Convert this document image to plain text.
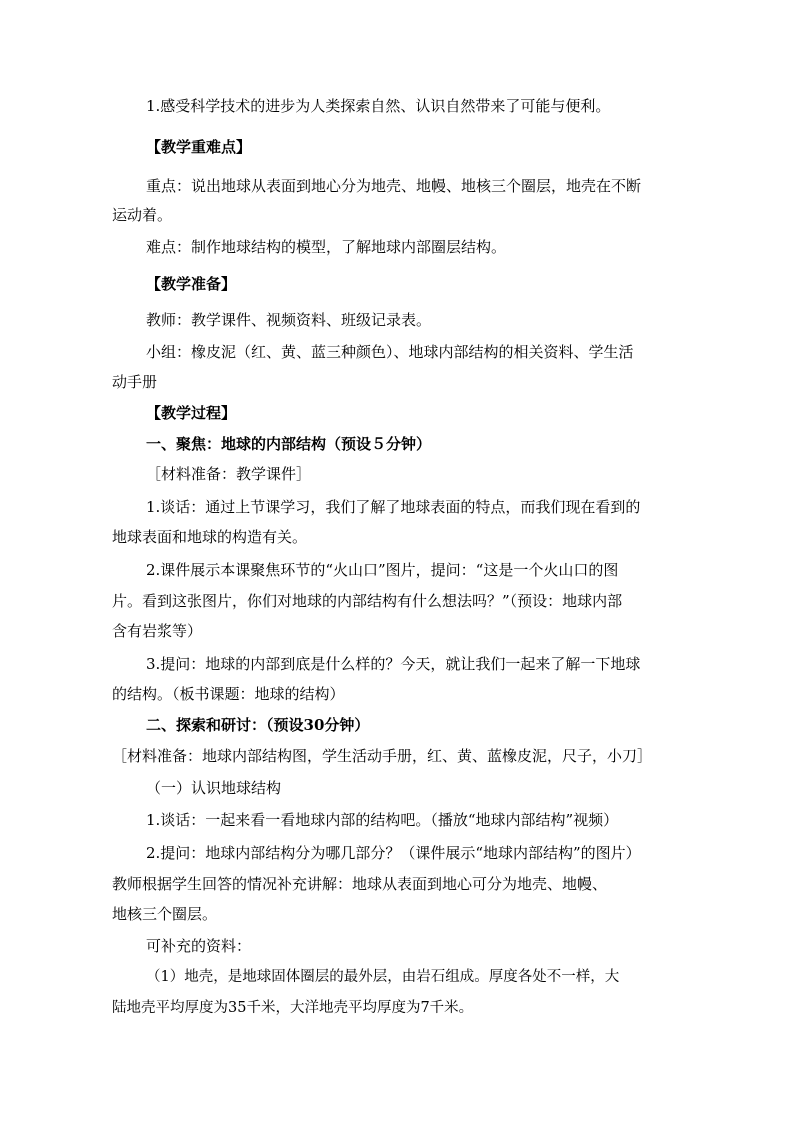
1.感受科学技术的进步为人类探索自然、认识自然带来了可能与便利。
【教学重难点】
重点：说出地球从表面到地心分为地壳、地幔、地核三个圈层，地壳在不断
运动着。
难点：制作地球结构的模型，了解地球内部圈层结构。
【教学准备】
教师：教学课件、视频资料、班级记录表。
小组：橡皮泥（红、黄、蓝三种颜色）、地球内部结构的相关资料、学生活
动手册
【教学过程】
一、聚焦：地球的内部结构（预设５分钟）
［材料准备：教学课件］
1.谈话：通过上节课学习，我们了解了地球表面的特点，而我们现在看到的
地球表面和地球的构造有关。
2.课件展示本课聚焦环节的“火山口”图片，提问：“这是一个火山口的图
片。看到这张图片，你们对地球的内部结构有什么想法吗？”（预设：地球内部
含有岩浆等）
3.提问：地球的内部到底是什么样的？今天，就让我们一起来了解一下地球
的结构。（板书课题：地球的结构）
二、探索和研讨：（预设30分钟）
［材料准备：地球内部结构图，学生活动手册，红、黄、蓝橡皮泥，尺子，小刀］
（一）认识地球结构
1.谈话：一起来看一看地球内部的结构吧。（播放“地球内部结构”视频）
2.提问：地球内部结构分为哪几部分？（课件展示“地球内部结构”的图片）
教师根据学生回答的情况补充讲解：地球从表面到地心可分为地壳、地幔、
地核三个圈层。
可补充的资料：
（1）地壳，是地球固体圈层的最外层，由岩石组成。厚度各处不一样，大
陆地壳平均厚度为35千米，大洋地壳平均厚度为7千米。
